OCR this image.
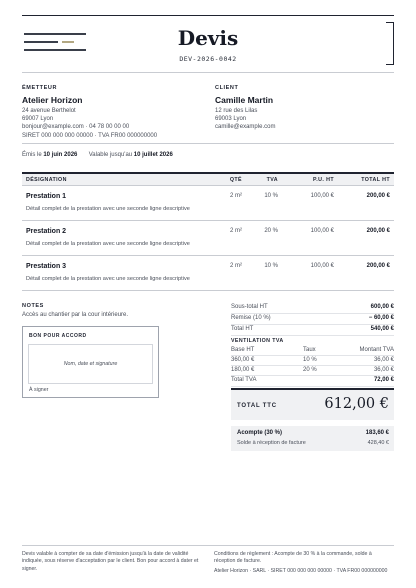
Devis
DEV-2026-0042
ÉMETTEUR
Atelier Horizon
24 avenue Berthelot
69007 Lyon
bonjour@example.com · 04 78 00 00 00
SIRET 000 000 000 00000 · TVA FR00 000000000
CLIENT
Camille Martin
12 rue des Lilas
69003 Lyon
camille@example.com
Émis le 10 juin 2026 Valable jusqu'au 10 juillet 2026
DÉSIGNATION	QTÉ	TVA	P.U. HT	TOTAL HT
Prestation 1
Détail complet de la prestation avec une seconde ligne descriptive
2 m²	10 %	100,00 €	200,00 €
Prestation 2
Détail complet de la prestation avec une seconde ligne descriptive
2 m²	20 %	100,00 €	200,00 €
Prestation 3
Détail complet de la prestation avec une seconde ligne descriptive
2 m²	10 %	100,00 €	200,00 €
NOTES
Accès au chantier par la cour intérieure.
BON POUR ACCORD
Nom, date et signature
À signer
Sous-total HT	600,00 €
Remise (10 %)	− 60,00 €
Total HT	540,00 €
VENTILATION TVA
Base HT	Taux	Montant TVA
360,00 €	10 %	36,00 €
180,00 €	20 %	36,00 €
Total TVA	72,00 €
TOTAL TTC	612,00 €
Acompte (30 %)	183,60 €
Solde à réception de facture	428,40 €
Devis valable à compter de sa date d'émission jusqu'à la date de validité indiquée, sous réserve d'acceptation par le client. Bon pour accord à dater et signer.
Conditions de règlement : Acompte de 30 % à la commande, solde à réception de facture.
Atelier Horizon · SARL · SIRET 000 000 000 00000 · TVA FR00 000000000
